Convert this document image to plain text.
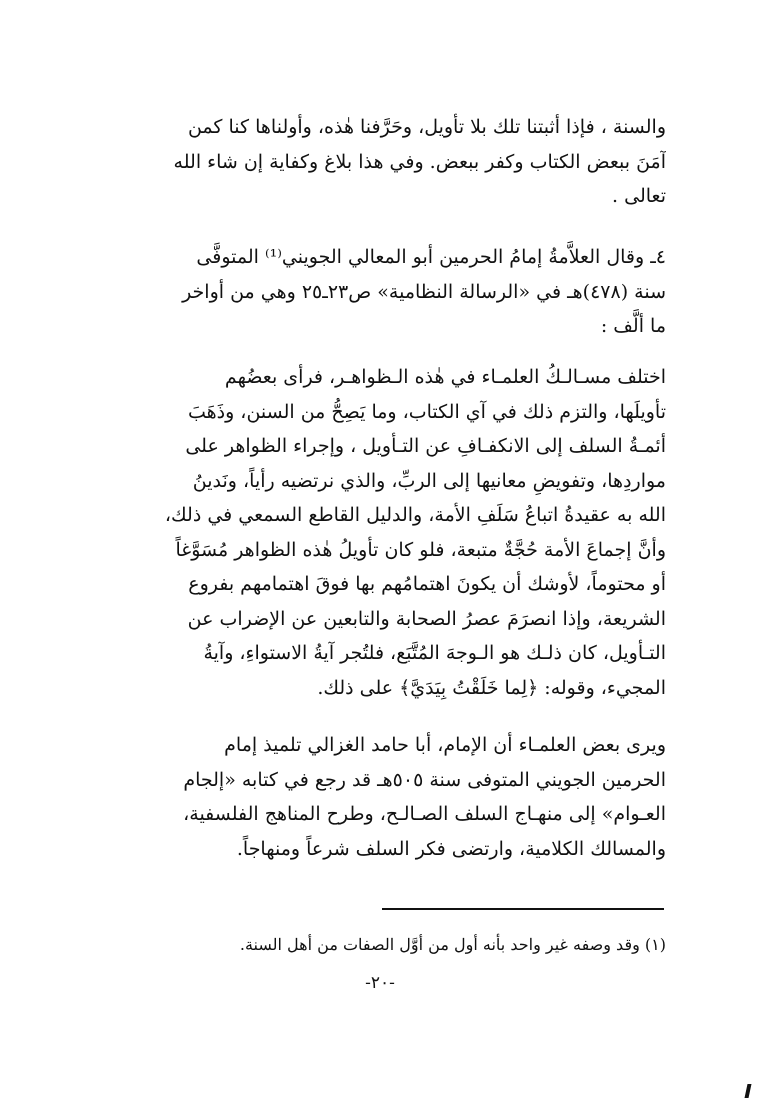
والسنة ، فإذا أثبتنا تلك بلا تأويل، وحَرَّفنا هٰذه، وأولناها كنا كمن
آمَنَ ببعض الكتاب وكفر ببعض. وفي هذا بلاغ وكفاية إن شاء الله
تعالى .
٤ـ وقال العلاَّمةُ إمامُ الحرمين أبو المعالي الجويني⁽¹⁾ المتوفَّى
سنة (٤٧٨)هـ في «الرسالة النظامية» ص٢٣ـ٢٥ وهي من أواخر
ما ألَّف :
اختلف مسـالـكُ العلمـاء في هٰذه الـظواهـر، فرأى بعضُهم
تأويلَها، والتزم ذلك في آي الكتاب، وما يَصِحُّ من السنن، وذَهَبَ
أئمـةُ السلف إلى الانكفـافِ عن التـأويل ، وإجراء الظواهر على
مواردِها، وتفويضِ معانيها إلى الربِّ، والذي نرتضيه رأياً، ونَدينُ
الله به عقيدةُ اتباعُ سَلَفِ الأمة، والدليل القاطع السمعي في ذلك،
وأنَّ إجماعَ الأمة حُجَّةٌ متبعة، فلو كان تأويلُ هٰذه الظواهر مُسَوَّغاً
أو محتوماً، لأوشك أن يكونَ اهتمامُهم بها فوقَ اهتمامهم بفروع
الشريعة، وإذا انصرَمَ عصرُ الصحابة والتابعين عن الإضراب عن
التـأويل، كان ذلـك هو الـوجهَ المُتَّبَع، فلتُجر آيةُ الاستواءِ، وآيةُ
المجيء، وقوله: ﴿لِما خَلَقْتُ بِيَدَيَّ﴾ على ذلك.
ويرى بعض العلمـاء أن الإمام، أبا حامد الغزالي تلميذ إمام
الحرمين الجويني المتوفى سنة ٥٠٥هـ قد رجع في كتابه «إلجام
العـوام» إلى منهـاج السلف الصـالـح، وطرح المناهج الفلسفية،
والمسالك الكلامية، وارتضى فكر السلف شرعاً ومنهاجاً.
(١) وقد وصفه غير واحد بأنه أول من أوَّل الصفات من أهل السنة.
-٢٠-
